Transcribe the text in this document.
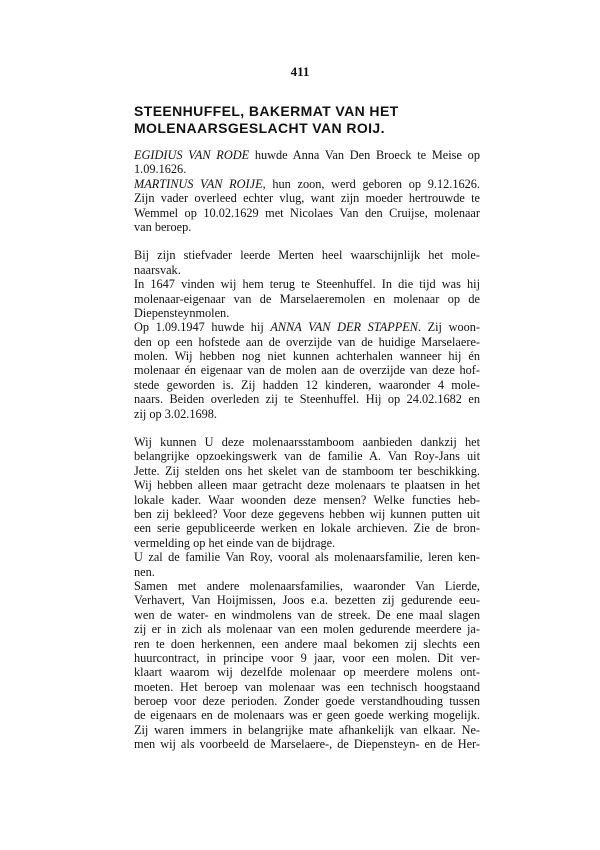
411
STEENHUFFEL, BAKERMAT VAN HET
MOLENAARSGESLACHT VAN ROIJ.
EGIDIUS VAN RODE huwde Anna Van Den Broeck te Meise op
1.09.1626.
MARTINUS VAN ROIJE, hun zoon, werd geboren op 9.12.1626.
Zijn vader overleed echter vlug, want zijn moeder hertrouwde te
Wemmel op 10.02.1629 met Nicolaes Van den Cruijse, molenaar
van beroep.
Bij zijn stiefvader leerde Merten heel waarschijnlijk het mole-
naarsvak.
In 1647 vinden wij hem terug te Steenhuffel. In die tijd was hij
molenaar-eigenaar van de Marselaeremolen en molenaar op de
Diepensteynmolen.
Op 1.09.1947 huwde hij ANNA VAN DER STAPPEN. Zij woon-
den op een hofstede aan de overzijde van de huidige Marselaere-
molen. Wij hebben nog niet kunnen achterhalen wanneer hij én
molenaar én eigenaar van de molen aan de overzijde van deze hof-
stede geworden is. Zij hadden 12 kinderen, waaronder 4 mole-
naars. Beiden overleden zij te Steenhuffel. Hij op 24.02.1682 en
zij op 3.02.1698.
Wij kunnen U deze molenaarsstamboom aanbieden dankzij het
belangrijke opzoekingswerk van de familie A. Van Roy-Jans uit
Jette. Zij stelden ons het skelet van de stamboom ter beschikking.
Wij hebben alleen maar getracht deze molenaars te plaatsen in het
lokale kader. Waar woonden deze mensen? Welke functies heb-
ben zij bekleed? Voor deze gegevens hebben wij kunnen putten uit
een serie gepubliceerde werken en lokale archieven. Zie de bron-
vermelding op het einde van de bijdrage.
U zal de familie Van Roy, vooral als molenaarsfamilie, leren ken-
nen.
Samen met andere molenaarsfamilies, waaronder Van Lierde,
Verhavert, Van Hoijmissen, Joos e.a. bezetten zij gedurende eeu-
wen de water- en windmolens van de streek. De ene maal slagen
zij er in zich als molenaar van een molen gedurende meerdere ja-
ren te doen herkennen, een andere maal bekomen zij slechts een
huurcontract, in principe voor 9 jaar, voor een molen. Dit ver-
klaart waarom wij dezelfde molenaar op meerdere molens ont-
moeten. Het beroep van molenaar was een technisch hoogstaand
beroep voor deze perioden. Zonder goede verstandhouding tussen
de eigenaars en de molenaars was er geen goede werking mogelijk.
Zij waren immers in belangrijke mate afhankelijk van elkaar. Ne-
men wij als voorbeeld de Marselaere-, de Diepensteyn- en de Her-
